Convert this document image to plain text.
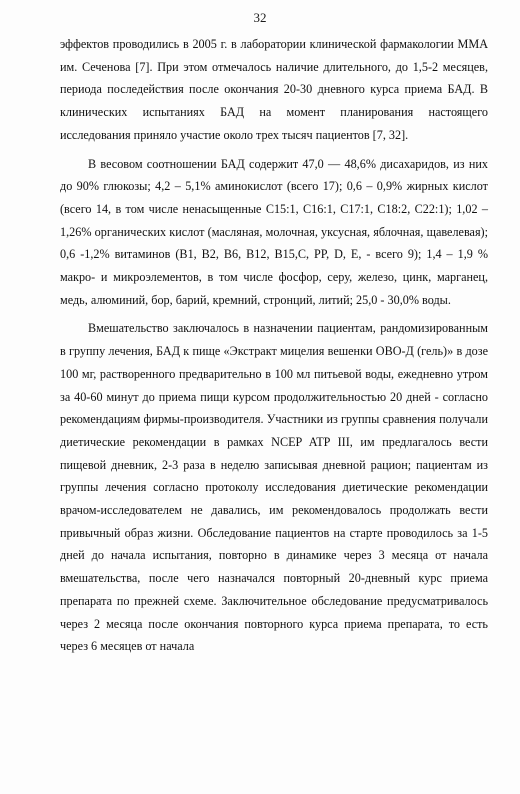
32

эффектов проводились в 2005 г. в лаборатории клинической фармакологии ММА им. Сеченова [7]. При этом отмечалось наличие длительного, до 1,5-2 месяцев, периода последействия после окончания 20-30 дневного курса приема БАД. В клинических испытаниях БАД на момент планирования настоящего исследования приняло участие около трех тысяч пациентов [7, 32].

В весовом соотношении БАД содержит 47,0 — 48,6% дисахаридов, из них до 90% глюкозы; 4,2 – 5,1% аминокислот (всего 17); 0,6 – 0,9% жирных кислот (всего 14, в том числе ненасыщенные С15:1, С16:1, С17:1, С18:2, С22:1); 1,02 – 1,26% органических кислот (масляная, молочная, уксусная, яблочная, щавелевая); 0,6 -1,2% витаминов (В1, В2, В6, В12, В15,С, РР, D, Е, - всего 9); 1,4 – 1,9 % макро- и микроэлементов, в том числе фосфор, серу, железо, цинк, марганец, медь, алюминий, бор, барий, кремний, стронций, литий; 25,0 - 30,0% воды.

Вмешательство заключалось в назначении пациентам, рандомизированным в группу лечения, БАД к пище «Экстракт мицелия вешенки ОВО-Д (гель)» в дозе 100 мг, растворенного предварительно в 100 мл питьевой воды, ежедневно утром за 40-60 минут до приема пищи курсом продолжительностью 20 дней - согласно рекомендациям фирмы-производителя. Участники из группы сравнения получали диетические рекомендации в рамках NCEP ATP III, им предлагалось вести пищевой дневник, 2-3 раза в неделю записывая дневной рацион; пациентам из группы лечения согласно протоколу исследования диетические рекомендации врачом-исследователем не давались, им рекомендовалось продолжать вести привычный образ жизни. Обследование пациентов на старте проводилось за 1-5 дней до начала испытания, повторно в динамике через 3 месяца от начала вмешательства, после чего назначался повторный 20-дневный курс приема препарата по прежней схеме. Заключительное обследование предусматривалось через 2 месяца после окончания повторного курса приема препарата, то есть через 6 месяцев от начала
